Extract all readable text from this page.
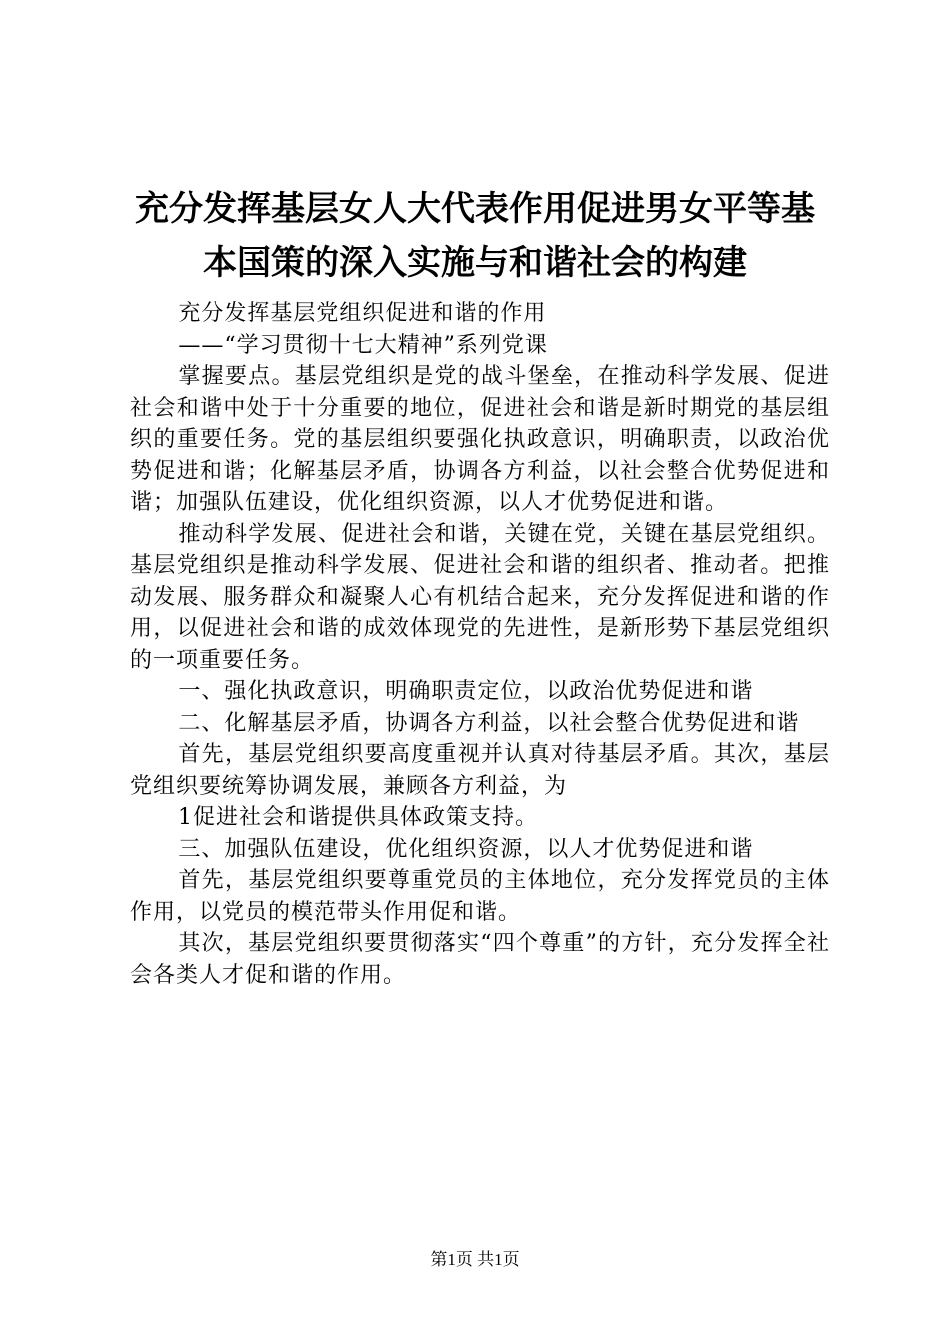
充分发挥基层女人大代表作用促进男女平等基
本国策的深入实施与和谐社会的构建

充分发挥基层党组织促进和谐的作用

——“学习贯彻十七大精神”系列党课

掌握要点。基层党组织是党的战斗堡垒，在推动科学发展、促进社会和谐中处于十分重要的地位，促进社会和谐是新时期党的基层组织的重要任务。党的基层组织要强化执政意识，明确职责，以政治优势促进和谐；化解基层矛盾，协调各方利益，以社会整合优势促进和谐；加强队伍建设，优化组织资源，以人才优势促进和谐。

推动科学发展、促进社会和谐，关键在党，关键在基层党组织。基层党组织是推动科学发展、促进社会和谐的组织者、推动者。把推动发展、服务群众和凝聚人心有机结合起来，充分发挥促进和谐的作用，以促进社会和谐的成效体现党的先进性，是新形势下基层党组织的一项重要任务。

一、强化执政意识，明确职责定位，以政治优势促进和谐

二、化解基层矛盾，协调各方利益，以社会整合优势促进和谐

首先，基层党组织要高度重视并认真对待基层矛盾。其次，基层党组织要统筹协调发展，兼顾各方利益，为

1促进社会和谐提供具体政策支持。

三、加强队伍建设，优化组织资源，以人才优势促进和谐

首先，基层党组织要尊重党员的主体地位，充分发挥党员的主体作用，以党员的模范带头作用促和谐。

其次，基层党组织要贯彻落实“四个尊重”的方针，充分发挥全社会各类人才促和谐的作用。

第1页 共1页
